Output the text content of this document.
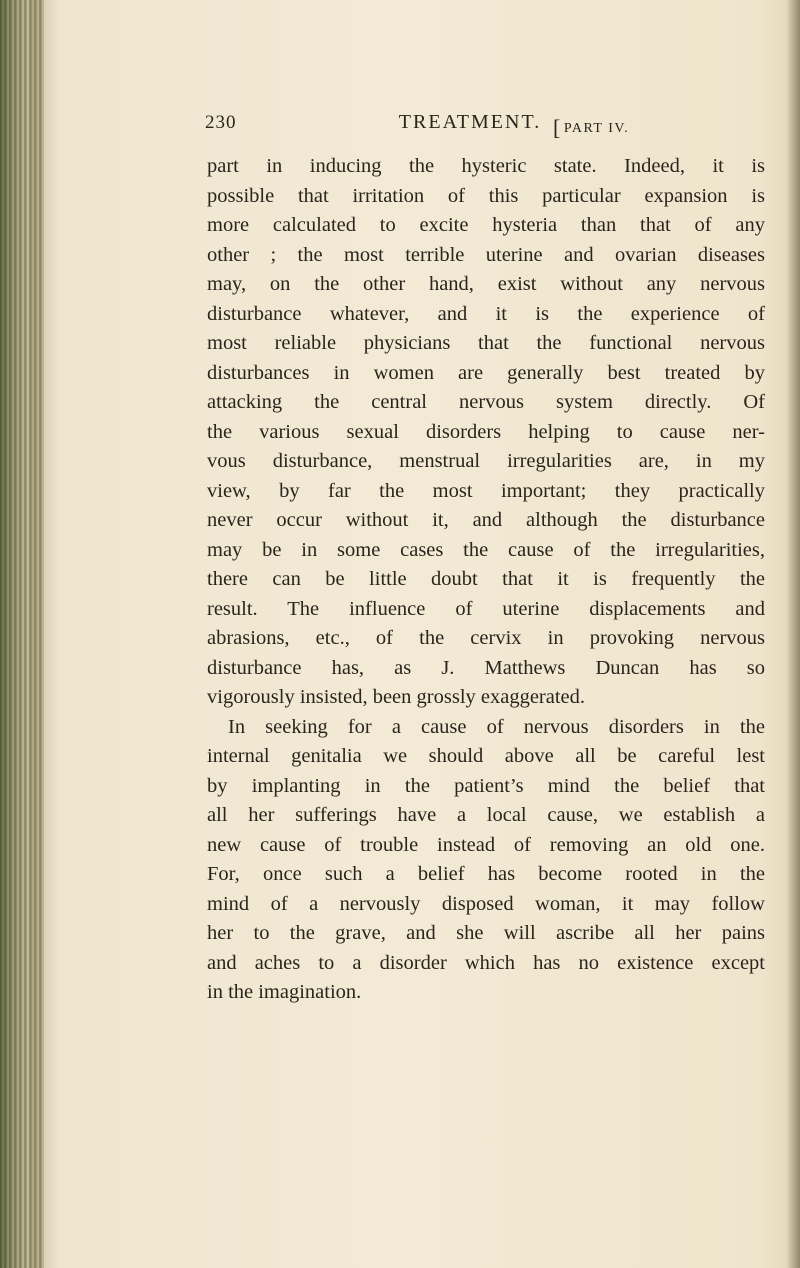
230	TREATMENT. [ PART IV.
part in inducing the hysteric state. Indeed, it is
possible that irritation of this particular expansion is
more calculated to excite hysteria than that of any
other ; the most terrible uterine and ovarian diseases
may, on the other hand, exist without any nervous
disturbance whatever, and it is the experience of
most reliable physicians that the functional nervous
disturbances in women are generally best treated by
attacking the central nervous system directly. Of
the various sexual disorders helping to cause ner-
vous disturbance, menstrual irregularities are, in my
view, by far the most important; they practically
never occur without it, and although the disturbance
may be in some cases the cause of the irregularities,
there can be little doubt that it is frequently the
result. The influence of uterine displacements and
abrasions, etc., of the cervix in provoking nervous
disturbance has, as J. Matthews Duncan has so
vigorously insisted, been grossly exaggerated.
In seeking for a cause of nervous disorders in the
internal genitalia we should above all be careful lest
by implanting in the patient’s mind the belief that
all her sufferings have a local cause, we establish a
new cause of trouble instead of removing an old one.
For, once such a belief has become rooted in the
mind of a nervously disposed woman, it may follow
her to the grave, and she will ascribe all her pains
and aches to a disorder which has no existence except
in the imagination.
